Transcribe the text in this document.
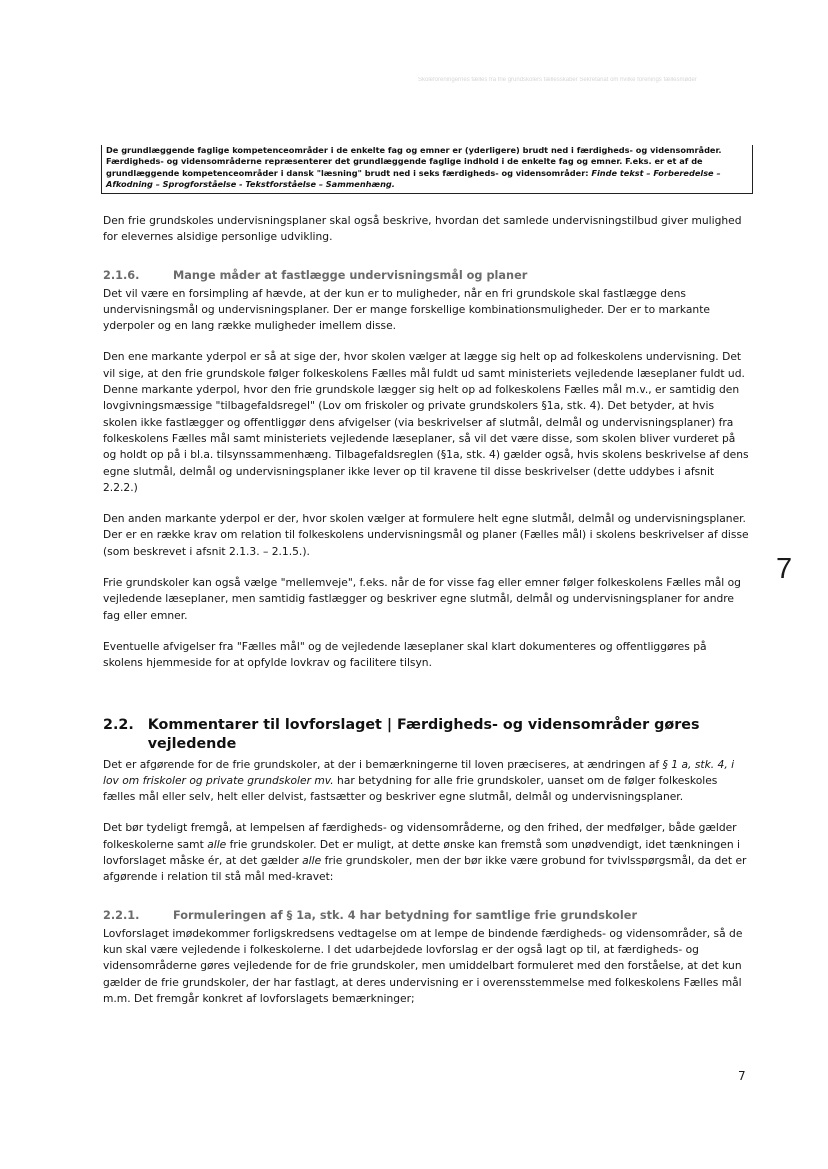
Skoleforeningernes fælles fra frie grundskolers fællesskaber Sekretariat om hvilke forenings fællesmøder
De grundlæggende faglige kompetenceområder i de enkelte fag og emner er (yderligere) brudt ned i færdigheds- og vidensområder. Færdigheds- og vidensområderne repræsenterer det grundlæggende faglige indhold i de enkelte fag og emner. F.eks. er et af de grundlæggende kompetenceområder i dansk "læsning" brudt ned i seks færdigheds- og vidensområder: Finde tekst – Forberedelse – Afkodning – Sprogforståelse - Tekstforståelse – Sammenhæng.

Den frie grundskoles undervisningsplaner skal også beskrive, hvordan det samlede undervisningstilbud giver mulighed for elevernes alsidige personlige udvikling.

2.1.6.	Mange måder at fastlægge undervisningsmål og planer

Det vil være en forsimpling af hævde, at der kun er to muligheder, når en fri grundskole skal fastlægge dens undervisningsmål og undervisningsplaner. Der er mange forskellige kombinationsmuligheder. Der er to markante yderpoler og en lang række muligheder imellem disse.

Den ene markante yderpol er så at sige der, hvor skolen vælger at lægge sig helt op ad folkeskolens undervisning. Det vil sige, at den frie grundskole følger folkeskolens Fælles mål fuldt ud samt ministeriets vejledende læseplaner fuldt ud. Denne markante yderpol, hvor den frie grundskole lægger sig helt op ad folkeskolens Fælles mål m.v., er samtidig den lovgivningsmæssige "tilbagefaldsregel" (Lov om friskoler og private grundskolers §1a, stk. 4). Det betyder, at hvis skolen ikke fastlægger og offentliggør dens afvigelser (via beskrivelser af slutmål, delmål og undervisningsplaner) fra folkeskolens Fælles mål samt ministeriets vejledende læseplaner, så vil det være disse, som skolen bliver vurderet på og holdt op på i bl.a. tilsynssammenhæng. Tilbagefaldsreglen (§1a, stk. 4) gælder også, hvis skolens beskrivelse af dens egne slutmål, delmål og undervisningsplaner ikke lever op til kravene til disse beskrivelser (dette uddybes i afsnit 2.2.2.)

Den anden markante yderpol er der, hvor skolen vælger at formulere helt egne slutmål, delmål og undervisningsplaner. Der er en række krav om relation til folkeskolens undervisningsmål og planer (Fælles mål) i skolens beskrivelser af disse (som beskrevet i afsnit 2.1.3. – 2.1.5.).

Frie grundskoler kan også vælge "mellemveje", f.eks. når de for visse fag eller emner følger folkeskolens Fælles mål og vejledende læseplaner, men samtidig fastlægger og beskriver egne slutmål, delmål og undervisningsplaner for andre fag eller emner.

Eventuelle afvigelser fra "Fælles mål" og de vejledende læseplaner skal klart dokumenteres og offentliggøres på skolens hjemmeside for at opfylde lovkrav og facilitere tilsyn.

2.2. Kommentarer til lovforslaget | Færdigheds- og vidensområder gøres vejledende

Det er afgørende for de frie grundskoler, at der i bemærkningerne til loven præciseres, at ændringen af § 1 a, stk. 4, i lov om friskoler og private grundskoler mv. har betydning for alle frie grundskoler, uanset om de følger folkeskoles fælles mål eller selv, helt eller delvist, fastsætter og beskriver egne slutmål, delmål og undervisningsplaner.

Det bør tydeligt fremgå, at lempelsen af færdigheds- og vidensområderne, og den frihed, der medfølger, både gælder folkeskolerne samt alle frie grundskoler. Det er muligt, at dette ønske kan fremstå som unødvendigt, idet tænkningen i lovforslaget måske ér, at det gælder alle frie grundskoler, men der bør ikke være grobund for tvivlsspørgsmål, da det er afgørende i relation til stå mål med-kravet:

2.2.1.	Formuleringen af § 1a, stk. 4 har betydning for samtlige frie grundskoler

Lovforslaget imødekommer forligskredsens vedtagelse om at lempe de bindende færdigheds- og vidensområder, så de kun skal være vejledende i folkeskolerne. I det udarbejdede lovforslag er der også lagt op til, at færdigheds- og vidensområderne gøres vejledende for de frie grundskoler, men umiddelbart formuleret med den forståelse, at det kun gælder de frie grundskoler, der har fastlagt, at deres undervisning er i overensstemmelse med folkeskolens Fælles mål m.m. Det fremgår konkret af lovforslagets bemærkninger;

7
7
